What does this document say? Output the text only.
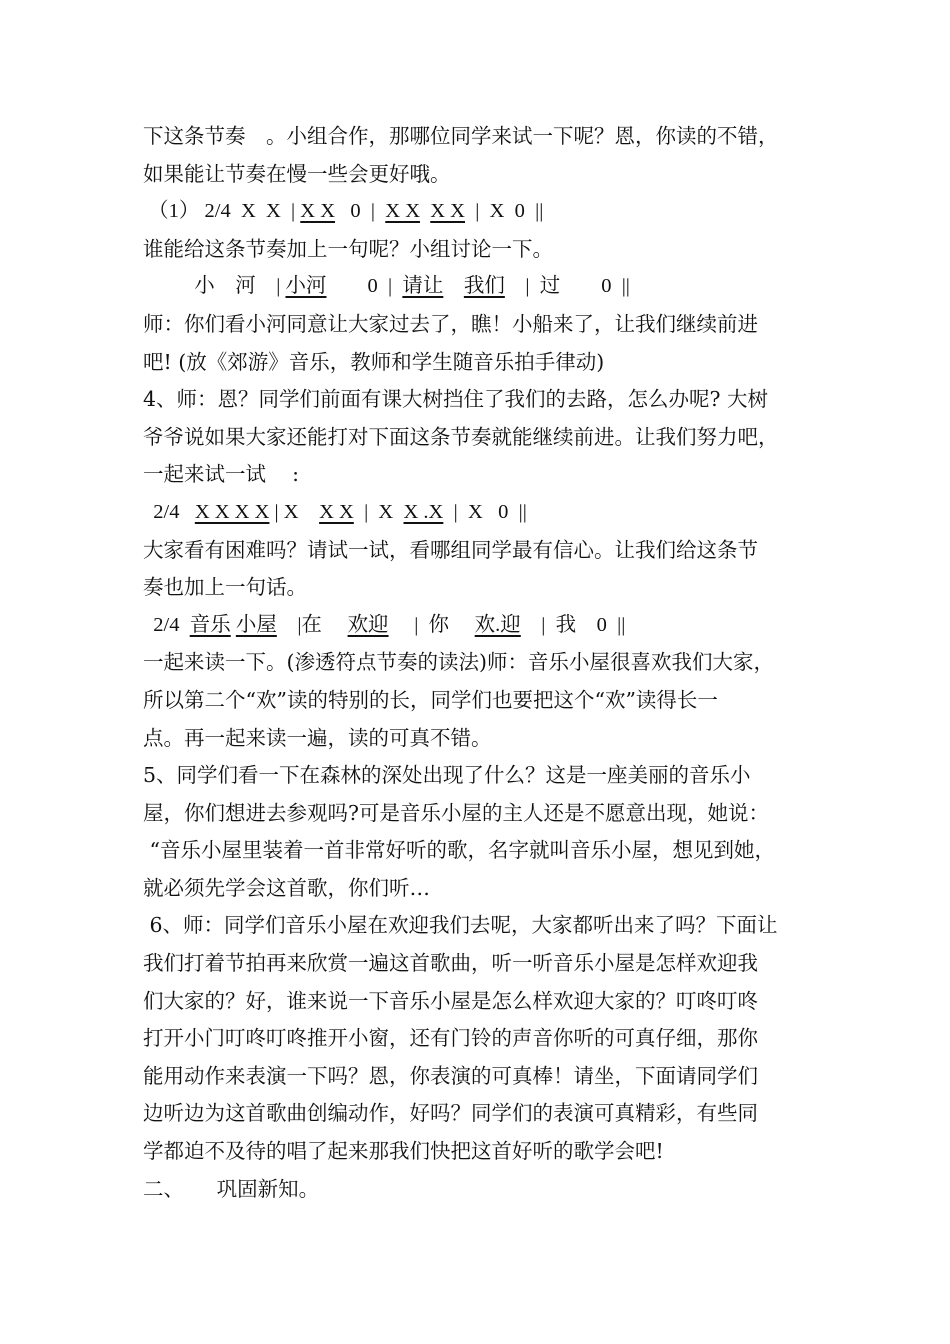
下这条节奏　。小组合作，那哪位同学来试一下呢？恩，你读的不错，
如果能让节奏在慢一些会更好哦。
（1） 2/4  X  X  | X X   0  |  X X X X  |  X  0  ||
谁能给这条节奏加上一句呢？小组讨论一下。
小    河    | 小河        0  |  请让 我们    |  过        0  ||
师：你们看小河同意让大家过去了，瞧！小船来了，让我们继续前进
吧! (放《郊游》音乐，教师和学生随音乐拍手律动)
4、师：恩？同学们前面有课大树挡住了我们的去路，怎么办呢? 大树
爷爷说如果大家还能打对下面这条节奏就能继续前进。让我们努力吧，
一起来试一试    :
2/4   X X X X | X    X X  |  X  X .X  |  X   0  ||
大家看有困难吗？请试一试，看哪组同学最有信心。让我们给这条节
奏也加上一句话。
2/4  音乐 小屋    |在     欢迎     |  你     欢.迎    |  我    0  ||
一起来读一下。(渗透符点节奏的读法)师：音乐小屋很喜欢我们大家，
所以第二个“欢”读的特别的长，同学们也要把这个“欢”读得长一
点。再一起来读一遍，读的可真不错。
5、同学们看一下在森林的深处出现了什么？这是一座美丽的音乐小
屋，你们想进去参观吗?可是音乐小屋的主人还是不愿意出现，她说：
“音乐小屋里装着一首非常好听的歌，名字就叫音乐小屋，想见到她，
就必须先学会这首歌，你们听…
6、师：同学们音乐小屋在欢迎我们去呢，大家都听出来了吗？下面让
我们打着节拍再来欣赏一遍这首歌曲，听一听音乐小屋是怎样欢迎我
们大家的？好，谁来说一下音乐小屋是怎么样欢迎大家的？叮咚叮咚
打开小门叮咚叮咚推开小窗，还有门铃的声音你听的可真仔细，那你
能用动作来表演一下吗？恩，你表演的可真棒！请坐，下面请同学们
边听边为这首歌曲创编动作，好吗？同学们的表演可真精彩，有些同
学都迫不及待的唱了起来那我们快把这首好听的歌学会吧!
二、     巩固新知。
